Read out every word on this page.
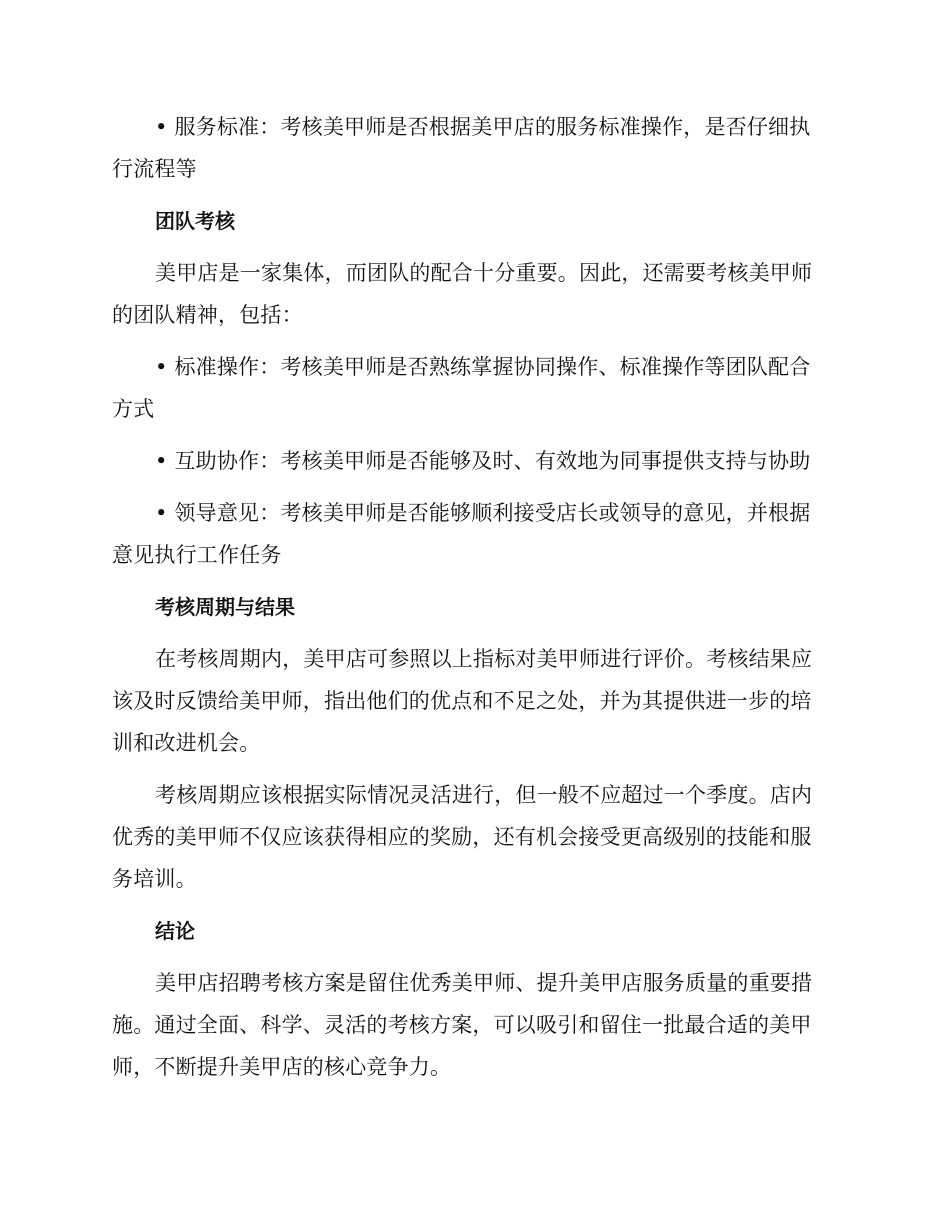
• 服务标准：考核美甲师是否根据美甲店的服务标准操作，是否仔细执行流程等

团队考核

美甲店是一家集体，而团队的配合十分重要。因此，还需要考核美甲师的团队精神，包括：

• 标准操作：考核美甲师是否熟练掌握协同操作、标准操作等团队配合方式

• 互助协作：考核美甲师是否能够及时、有效地为同事提供支持与协助

• 领导意见：考核美甲师是否能够顺利接受店长或领导的意见，并根据意见执行工作任务

考核周期与结果

在考核周期内，美甲店可参照以上指标对美甲师进行评价。考核结果应该及时反馈给美甲师，指出他们的优点和不足之处，并为其提供进一步的培训和改进机会。

考核周期应该根据实际情况灵活进行，但一般不应超过一个季度。店内优秀的美甲师不仅应该获得相应的奖励，还有机会接受更高级别的技能和服务培训。

结论

美甲店招聘考核方案是留住优秀美甲师、提升美甲店服务质量的重要措施。通过全面、科学、灵活的考核方案，可以吸引和留住一批最合适的美甲师，不断提升美甲店的核心竞争力。
